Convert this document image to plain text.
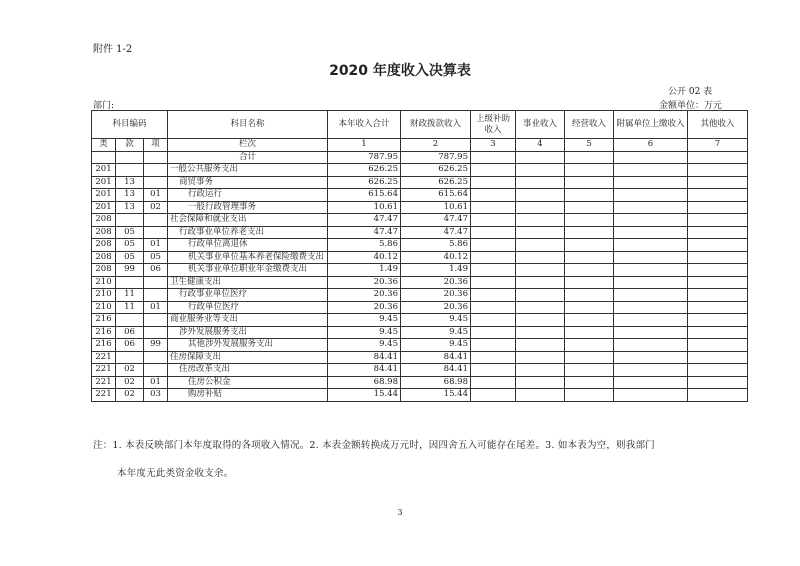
附件 1-2
2020 年度收入决算表
公开 02 表
部门:	金额单位：万元
科目编码			科目名称	本年收入合计	财政拨款收入	上级补助收入	事业收入	经营收入	附属单位上缴收入	其他收入
类	款	项								
			栏次	1	2	3	4	5	6	7
			合计	787.95	787.95					
201			一般公共服务支出	626.25	626.25					
201	13		商贸事务	626.25	626.25					
201	13	01	行政运行	615.64	615.64					
201	13	02	一般行政管理事务	10.61	10.61					
208			社会保障和就业支出	47.47	47.47					
208	05		行政事业单位养老支出	47.47	47.47					
208	05	01	行政单位离退休	5.86	5.86					
208	05	05	机关事业单位基本养老保险缴费支出	40.12	40.12					
208	99	06	机关事业单位职业年金缴费支出	1.49	1.49					
210			卫生健康支出	20.36	20.36					
210	11		行政事业单位医疗	20.36	20.36					
210	11	01	行政单位医疗	20.36	20.36					
216			商业服务业等支出	9.45	9.45					
216	06		涉外发展服务支出	9.45	9.45					
216	06	99	其他涉外发展服务支出	9.45	9.45					
221			住房保障支出	84.41	84.41					
221	02		住房改革支出	84.41	84.41					
221	02	01	住房公积金	68.98	68.98					
221	02	03	购房补贴	15.44	15.44					
注：1. 本表反映部门本年度取得的各项收入情况。2. 本表金额转换成万元时，因四舍五入可能存在尾差。3. 如本表为空，则我部门
本年度无此类资金收支余。
3
